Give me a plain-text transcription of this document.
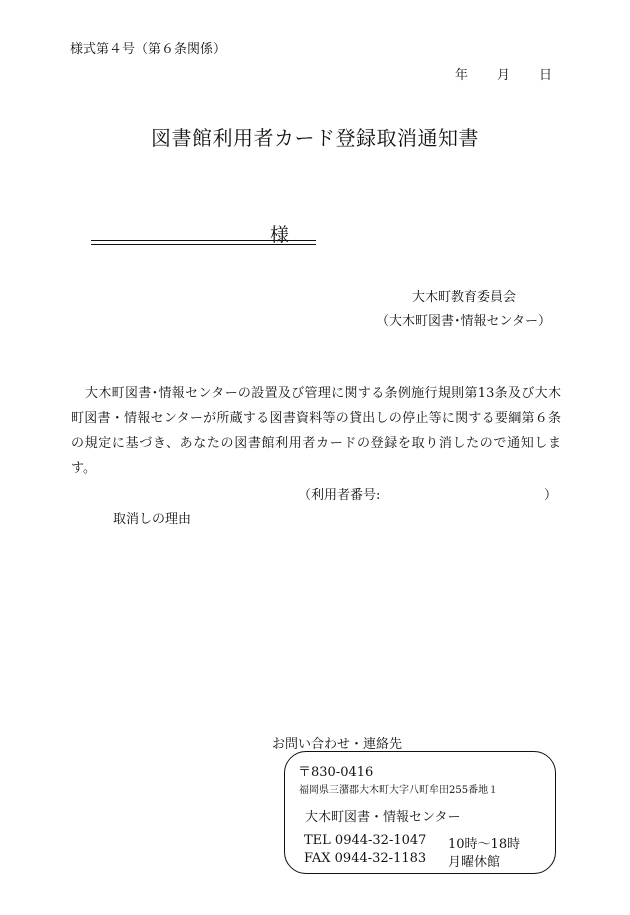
様式第４号（第６条関係）
年 月 日
図書館利用者カード登録取消通知書
様
大木町教育委員会
（大木町図書･情報センター）
大木町図書･情報センターの設置及び管理に関する条例施行規則第13条及び大木町図書・情報センターが所蔵する図書資料等の貸出しの停止等に関する要綱第６条の規定に基づき、あなたの図書館利用者カードの登録を取り消したので通知します。
（利用者番号:	）
取消しの理由
お問い合わせ・連絡先
〒830-0416
福岡県三潴郡大木町大字八町牟田255番地１
大木町図書・情報センター
TEL 0944-32-1047 10時～18時
FAX 0944-32-1183 月曜休館
